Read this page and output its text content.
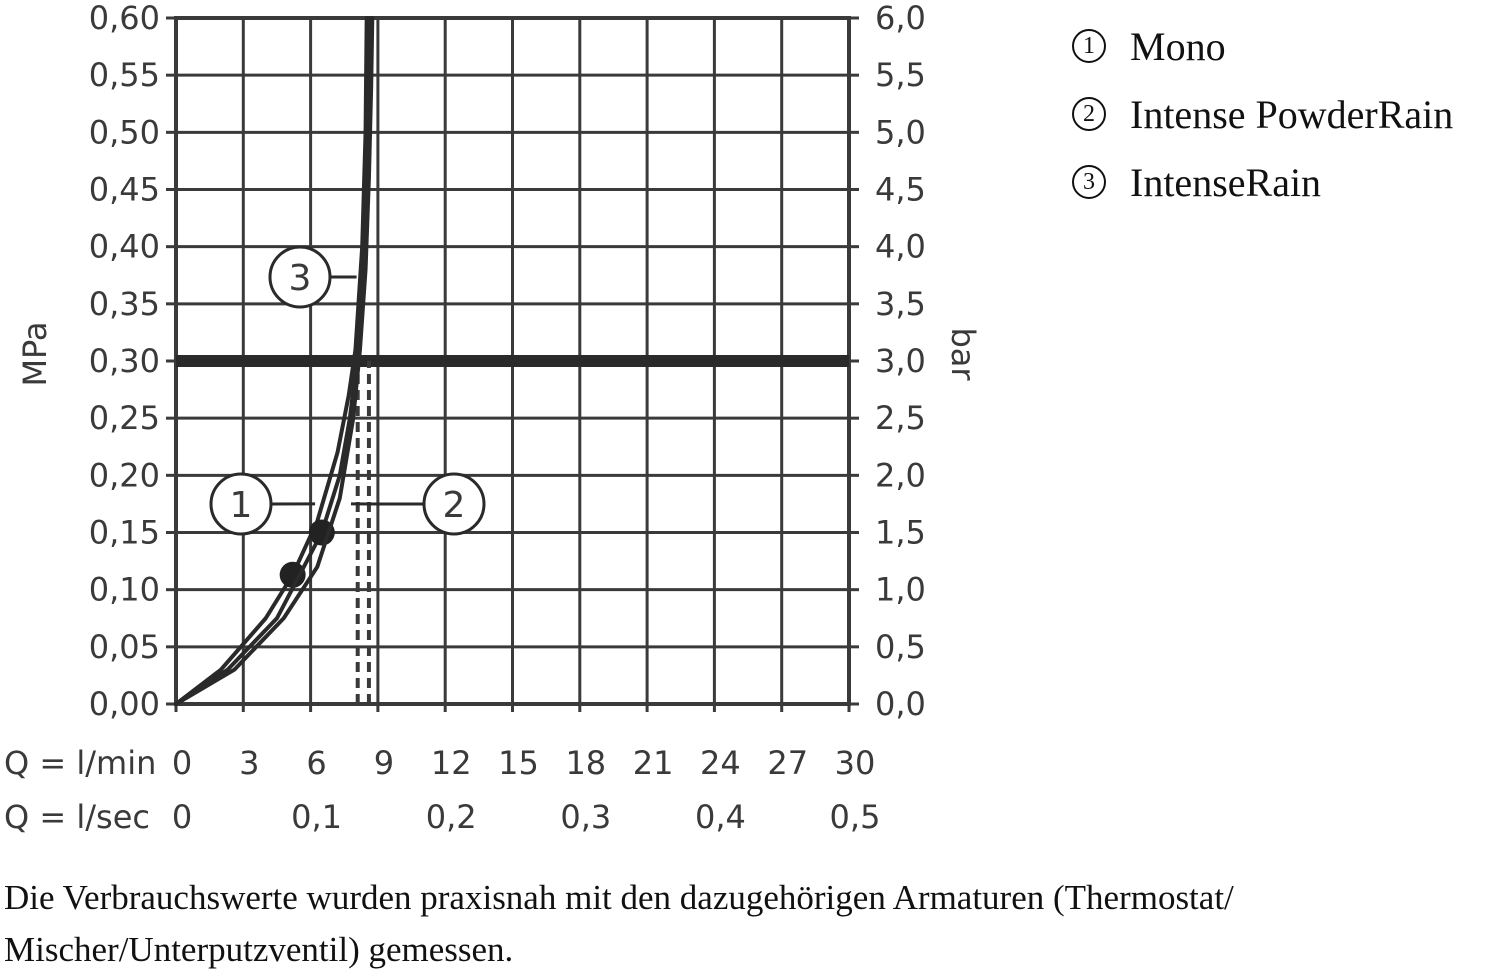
0,00
0,05
0,10
0,15
0,20
0,25
0,30
0,35
0,40
0,45
0,50
0,55
0,60
0,0
0,5
1,0
1,5
2,0
2,5
3,0
3,5
4,0
4,5
5,0
5,5
6,0
Q = l/min 0 3 6 9 12 15 18 21 24 27 30
Q = l/sec 0	0,1	0,2	0,3	0,4	0,5
MPa	bar
3
1	2
1 Mono
2 Intense PowderRain
3 IntenseRain
Die Verbrauchswerte wurden praxisnah mit den dazugehörigen Armaturen (Thermostat/ Mischer/Unterputzventil) gemessen.
